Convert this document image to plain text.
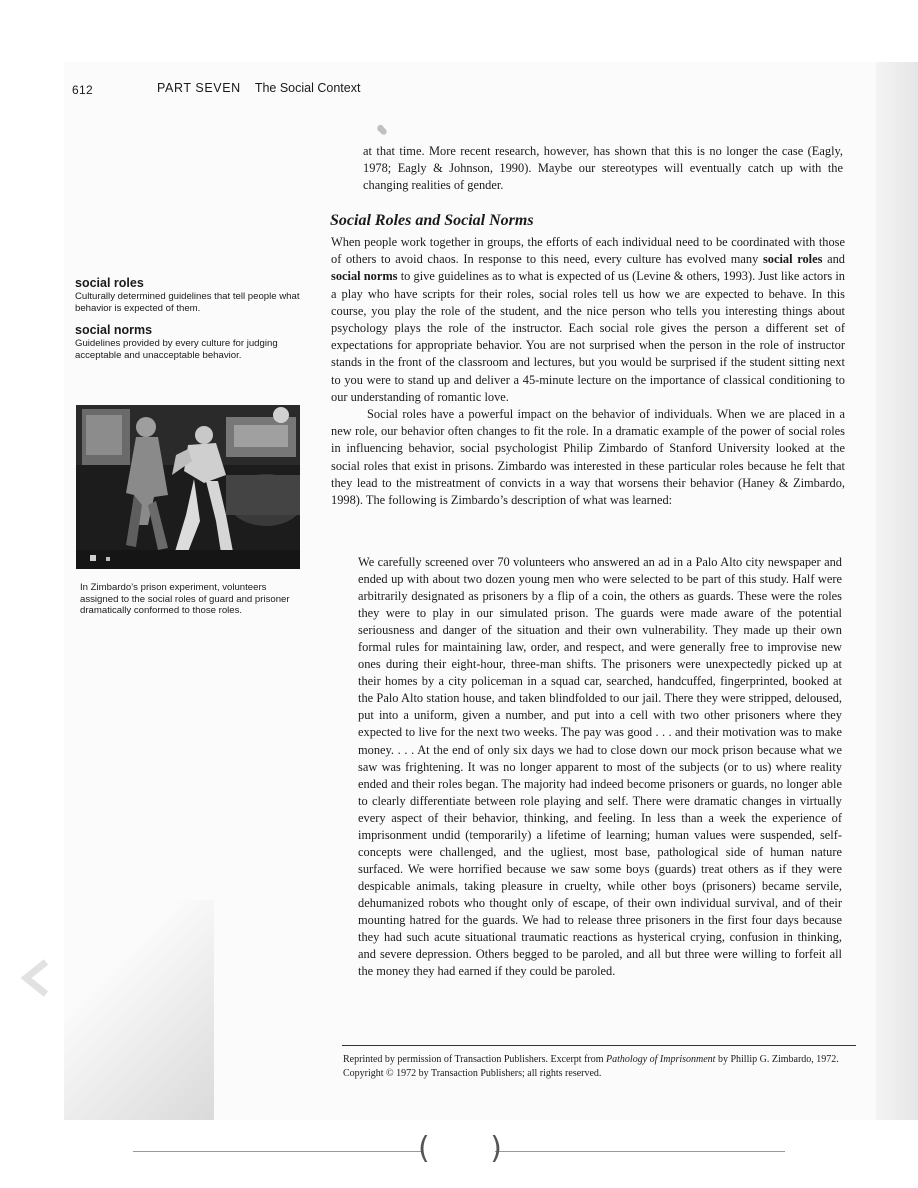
612	PART SEVEN The Social Context

at that time. More recent research, however, has shown that this is no longer the case (Eagly, 1978; Eagly & Johnson, 1990). Maybe our stereotypes will eventually catch up with the changing realities of gender.

Social Roles and Social Norms

When people work together in groups, the efforts of each individual need to be coordinated with those of others to avoid chaos. In response to this need, every culture has evolved many social roles and social norms to give guidelines as to what is expected of us (Levine & others, 1993). Just like actors in a play who have scripts for their roles, social roles tell us how we are expected to behave. In this course, you play the role of the student, and the nice person who tells you interesting things about psychology plays the role of the instructor. Each social role gives the person a different set of expectations for appropriate behavior. You are not surprised when the person in the role of instructor stands in the front of the classroom and lectures, but you would be surprised if the student sitting next to you were to stand up and deliver a 45-minute lecture on the importance of classical conditioning to our understanding of romantic love.

Social roles have a powerful impact on the behavior of individuals. When we are placed in a new role, our behavior often changes to fit the role. In a dramatic example of the power of social roles in influencing behavior, social psychologist Philip Zimbardo of Stanford University looked at the social roles that exist in prisons. Zimbardo was interested in these particular roles because he felt that they lead to the mistreatment of convicts in a way that worsens their behavior (Haney & Zimbardo, 1998). The following is Zimbardo’s description of what was learned:

social roles

Culturally determined guidelines that tell people what behavior is expected of them.

social norms

Guidelines provided by every culture for judging acceptable and unacceptable behavior.

In Zimbardo’s prison experiment, volunteers assigned to the social roles of guard and prisoner dramatically conformed to those roles.

We carefully screened over 70 volunteers who answered an ad in a Palo Alto city newspaper and ended up with about two dozen young men who were selected to be part of this study. Half were arbitrarily designated as prisoners by a flip of a coin, the others as guards. These were the roles they were to play in our simulated prison. The guards were made aware of the potential seriousness and danger of the situation and their own vulnerability. They made up their own formal rules for maintaining law, order, and respect, and were generally free to improvise new ones during their eight-hour, three-man shifts. The prisoners were unexpectedly picked up at their homes by a city policeman in a squad car, searched, handcuffed, fingerprinted, booked at the Palo Alto station house, and taken blindfolded to our jail. There they were stripped, deloused, put into a uniform, given a number, and put into a cell with two other prisoners where they expected to live for the next two weeks. The pay was good . . . and their motivation was to make money. . . . At the end of only six days we had to close down our mock prison because what we saw was frightening. It was no longer apparent to most of the subjects (or to us) where reality ended and their roles began. The majority had indeed become prisoners or guards, no longer able to clearly differentiate between role playing and self. There were dramatic changes in virtually every aspect of their behavior, thinking, and feeling. In less than a week the experience of imprisonment undid (temporarily) a lifetime of learning; human values were suspended, self-concepts were challenged, and the ugliest, most base, pathological side of human nature surfaced. We were horrified because we saw some boys (guards) treat others as if they were despicable animals, taking pleasure in cruelty, while other boys (prisoners) became servile, dehumanized robots who thought only of escape, of their own individual survival, and of their mounting hatred for the guards. We had to release three prisoners in the first four days because they had such acute situational traumatic reactions as hysterical crying, confusion in thinking, and severe depression. Others begged to be paroled, and all but three were willing to forfeit all the money they had earned if they could be paroled.

Reprinted by permission of Transaction Publishers. Excerpt from Pathology of Imprisonment by Phillip G. Zimbardo, 1972. Copyright © 1972 by Transaction Publishers; all rights reserved.

( )
